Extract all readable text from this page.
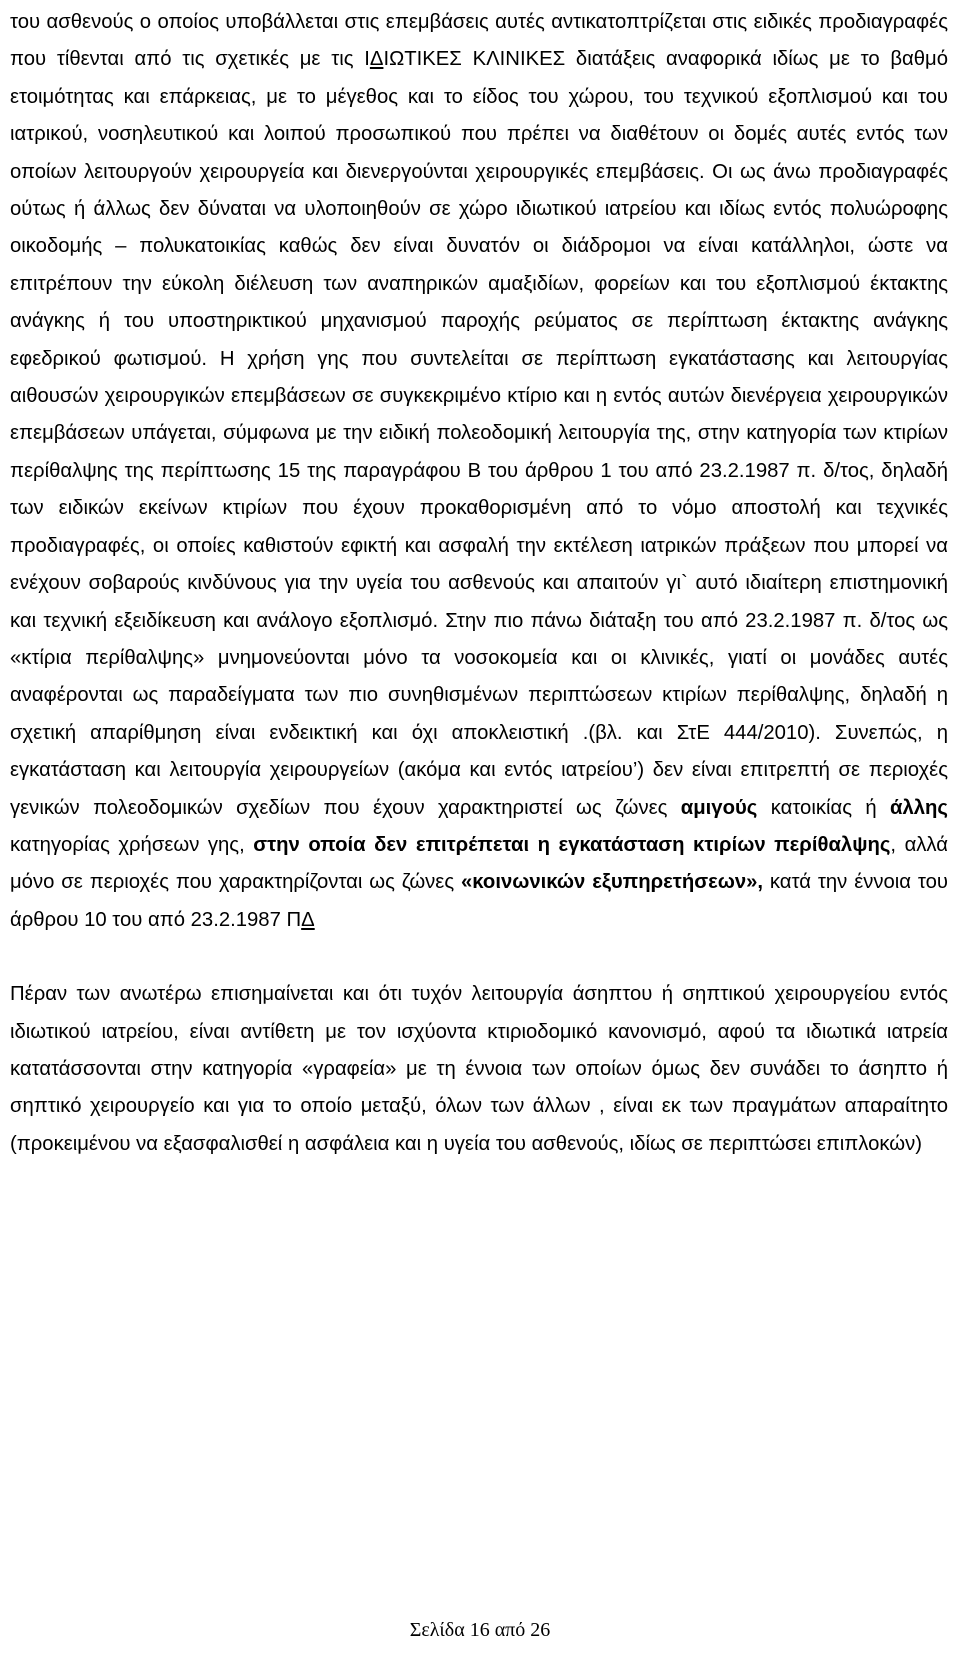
του ασθενούς ο οποίος υποβάλλεται στις επεμβάσεις αυτές αντικατοπτρίζεται στις ειδικές προδιαγραφές που τίθενται από τις σχετικές με τις ΙΔΙΩΤΙΚΕΣ ΚΛΙΝΙΚΕΣ διατάξεις αναφορικά ιδίως με το βαθμό ετοιμότητας και επάρκειας, με το μέγεθος και το είδος του χώρου, του τεχνικού εξοπλισμού και του ιατρικού, νοσηλευτικού και λοιπού προσωπικού που πρέπει να διαθέτουν οι δομές αυτές εντός των οποίων λειτουργούν χειρουργεία και διενεργούνται χειρουργικές επεμβάσεις. Οι ως άνω προδιαγραφές ούτως ή άλλως δεν δύναται να υλοποιηθούν σε χώρο ιδιωτικού ιατρείου και ιδίως εντός πολυώροφης οικοδομής – πολυκατοικίας καθώς δεν είναι δυνατόν οι διάδρομοι να είναι κατάλληλοι, ώστε να επιτρέπουν την εύκολη διέλευση των αναπηρικών αμαξιδίων, φορείων και του εξοπλισμού έκτακτης ανάγκης ή του υποστηρικτικού μηχανισμού παροχής ρεύματος σε περίπτωση έκτακτης ανάγκης εφεδρικού φωτισμού. Η χρήση γης που συντελείται σε περίπτωση εγκατάστασης και λειτουργίας αιθουσών χειρουργικών επεμβάσεων σε συγκεκριμένο κτίριο και η εντός αυτών διενέργεια χειρουργικών επεμβάσεων υπάγεται, σύμφωνα με την ειδική πολεοδομική λειτουργία της, στην κατηγορία των κτιρίων περίθαλψης της περίπτωσης 15 της παραγράφου Β του άρθρου 1 του από 23.2.1987 π. δ/τος, δηλαδή των ειδικών εκείνων κτιρίων που έχουν προκαθορισμένη από το νόμο αποστολή και τεχνικές προδιαγραφές, οι οποίες καθιστούν εφικτή και ασφαλή την εκτέλεση ιατρικών πράξεων που μπορεί να ενέχουν σοβαρούς κινδύνους για την υγεία του ασθενούς και απαιτούν γι` αυτό ιδιαίτερη επιστημονική και τεχνική εξειδίκευση και ανάλογο εξοπλισμό. Στην πιο πάνω διάταξη του από 23.2.1987 π. δ/τος ως «κτίρια περίθαλψης» μνημονεύονται μόνο τα νοσοκομεία και οι κλινικές, γιατί οι μονάδες αυτές αναφέρονται ως παραδείγματα των πιο συνηθισμένων περιπτώσεων κτιρίων περίθαλψης, δηλαδή η σχετική απαρίθμηση είναι ενδεικτική και όχι αποκλειστική .(βλ. και ΣτΕ 444/2010). Συνεπώς, η εγκατάσταση και λειτουργία χειρουργείων (ακόμα και εντός ιατρείου’) δεν είναι επιτρεπτή σε περιοχές γενικών πολεοδομικών σχεδίων που έχουν χαρακτηριστεί ως ζώνες αμιγούς κατοικίας ή άλλης κατηγορίας χρήσεων γης, στην οποία δεν επιτρέπεται η εγκατάσταση κτιρίων περίθαλψης, αλλά μόνο σε περιοχές που χαρακτηρίζονται ως ζώνες «κοινωνικών εξυπηρετήσεων», κατά την έννοια του άρθρου 10 του από 23.2.1987 ΠΔ

Πέραν των ανωτέρω επισημαίνεται και ότι τυχόν λειτουργία άσηπτου ή σηπτικού χειρουργείου εντός ιδιωτικού ιατρείου, είναι αντίθετη με τον ισχύοντα κτιριοδομικό κανονισμό, αφού τα ιδιωτικά ιατρεία κατατάσσονται στην κατηγορία «γραφεία» με τη έννοια των οποίων όμως δεν συνάδει το άσηπτο ή σηπτικό χειρουργείο και για το οποίο μεταξύ, όλων των άλλων , είναι εκ των πραγμάτων απαραίτητο (προκειμένου να εξασφαλισθεί η ασφάλεια και η υγεία του ασθενούς, ιδίως σε περιπτώσει επιπλοκών)

Σελίδα 16 από 26
